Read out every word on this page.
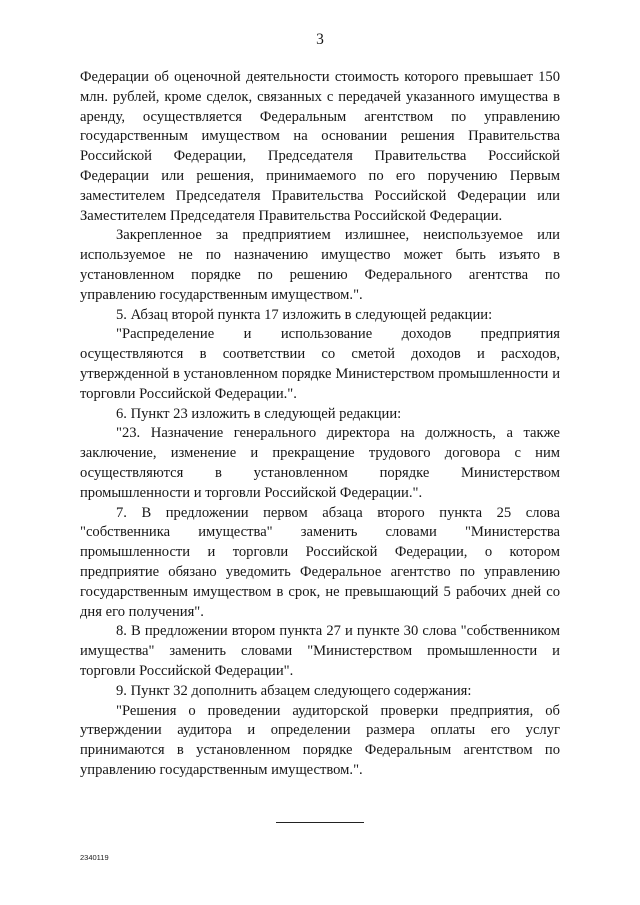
3

Федерации об оценочной деятельности стоимость которого превышает 150 млн. рублей, кроме сделок, связанных с передачей указанного имущества в аренду, осуществляется Федеральным агентством по управлению государственным имуществом на основании решения Правительства Российской Федерации, Председателя Правительства Российской Федерации или решения, принимаемого по его поручению Первым заместителем Председателя Правительства Российской Федерации или Заместителем Председателя Правительства Российской Федерации.

Закрепленное за предприятием излишнее, неиспользуемое или используемое не по назначению имущество может быть изъято в установленном порядке по решению Федерального агентства по управлению государственным имуществом.".

5. Абзац второй пункта 17 изложить в следующей редакции:

"Распределение и использование доходов предприятия осуществляются в соответствии со сметой доходов и расходов, утвержденной в установленном порядке Министерством промышленности и торговли Российской Федерации.".

6. Пункт 23 изложить в следующей редакции:

"23. Назначение генерального директора на должность, а также заключение, изменение и прекращение трудового договора с ним осуществляются в установленном порядке Министерством промышленности и торговли Российской Федерации.".

7. В предложении первом абзаца второго пункта 25 слова "собственника имущества" заменить словами "Министерства промышленности и торговли Российской Федерации, о котором предприятие обязано уведомить Федеральное агентство по управлению государственным имуществом в срок, не превышающий 5 рабочих дней со дня его получения".

8. В предложении втором пункта 27 и пункте 30 слова "собственником имущества" заменить словами "Министерством промышленности и торговли Российской Федерации".

9. Пункт 32 дополнить абзацем следующего содержания:

"Решения о проведении аудиторской проверки предприятия, об утверждении аудитора и определении размера оплаты его услуг принимаются в установленном порядке Федеральным агентством по управлению государственным имуществом.".

2340119
